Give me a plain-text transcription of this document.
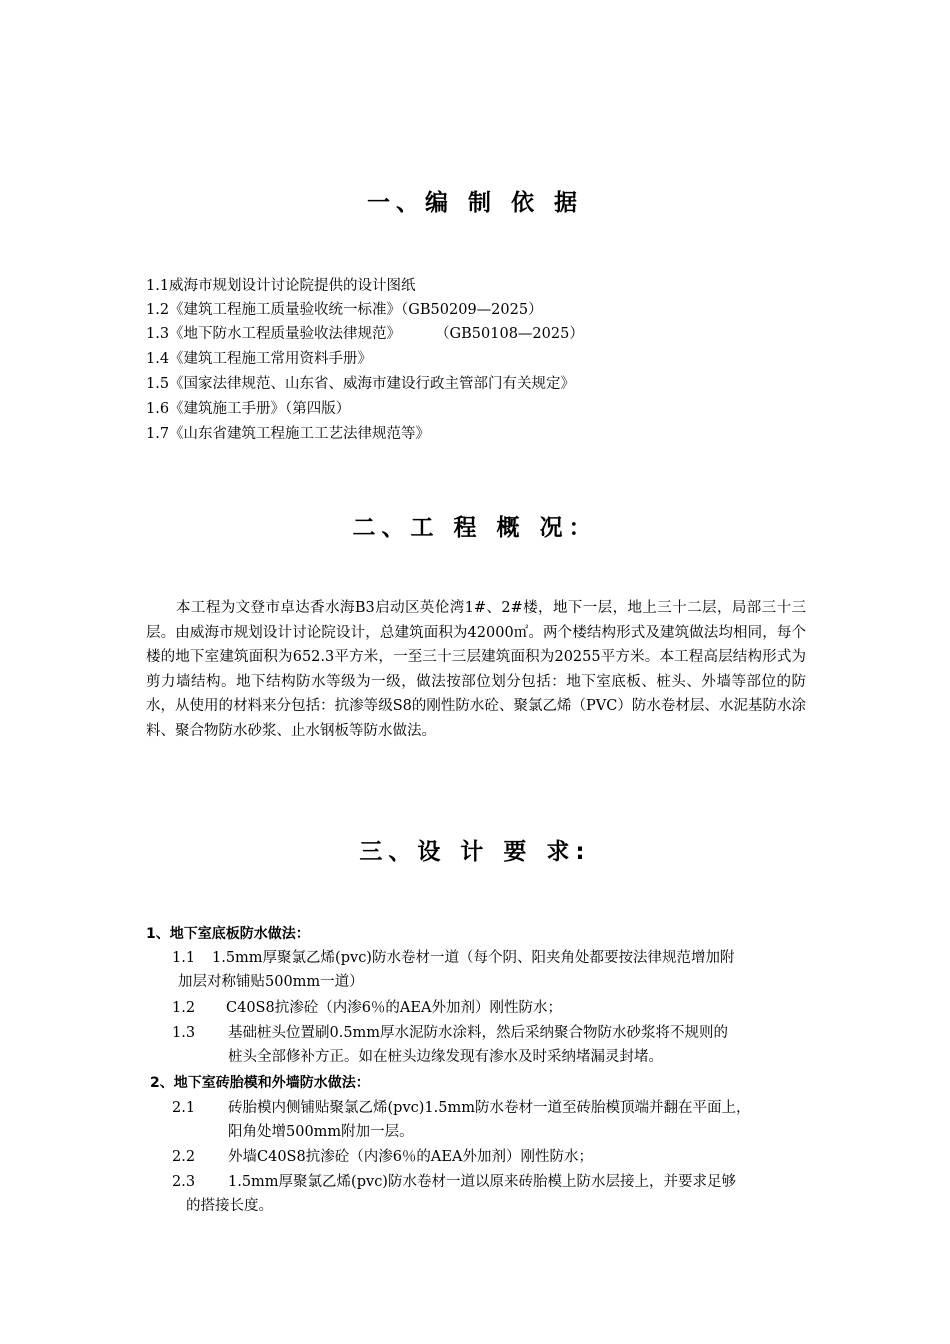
一、编 制 依 据
1.1威海市规划设计讨论院提供的设计图纸
1.2《建筑工程施工质量验收统一标准》（GB50209—2025）
1.3《地下防水工程质量验收法律规范》 （GB50108—2025）
1.4《建筑工程施工常用资料手册》
1.5《国家法律规范、山东省、威海市建设行政主管部门有关规定》
1.6《建筑施工手册》（第四版）
1.7《山东省建筑工程施工工艺法律规范等》
二、工 程 概 况：
本工程为文登市卓达香水海B3启动区英伦湾1#、2#楼，地下一层，地上三十二层，局部三十三层。由威海市规划设计讨论院设计，总建筑面积为42000㎡。两个楼结构形式及建筑做法均相同，每个楼的地下室建筑面积为652.3平方米，一至三十三层建筑面积为20255平方米。本工程高层结构形式为剪力墙结构。地下结构防水等级为一级，做法按部位划分包括：地下室底板、桩头、外墙等部位的防水，从使用的材料来分包括：抗渗等级S8的刚性防水砼、聚氯乙烯（PVC）防水卷材层、水泥基防水涂料、聚合物防水砂浆、止水钢板等防水做法。
三、设 计 要 求:
1、地下室底板防水做法：
1.1 1.5mm厚聚氯乙烯(pvc)防水卷材一道（每个阴、阳夹角处都要按法律规范增加附
加层对称铺贴500mm一道）
1.2 C40S8抗渗砼（内渗6％的AEA外加剂）刚性防水；
1.3 基础桩头位置刷0.5mm厚水泥防水涂料，然后采纳聚合物防水砂浆将不规则的
桩头全部修补方正。如在桩头边缘发现有渗水及时采纳堵漏灵封堵。
2、地下室砖胎模和外墙防水做法：
2.1 砖胎模内侧铺贴聚氯乙烯(pvc)1.5mm防水卷材一道至砖胎模顶端并翻在平面上，
阳角处增500mm附加一层。
2.2 外墙C40S8抗渗砼（内渗6％的AEA外加剂）刚性防水；
2.3 1.5mm厚聚氯乙烯(pvc)防水卷材一道以原来砖胎模上防水层接上，并要求足够
的搭接长度。
